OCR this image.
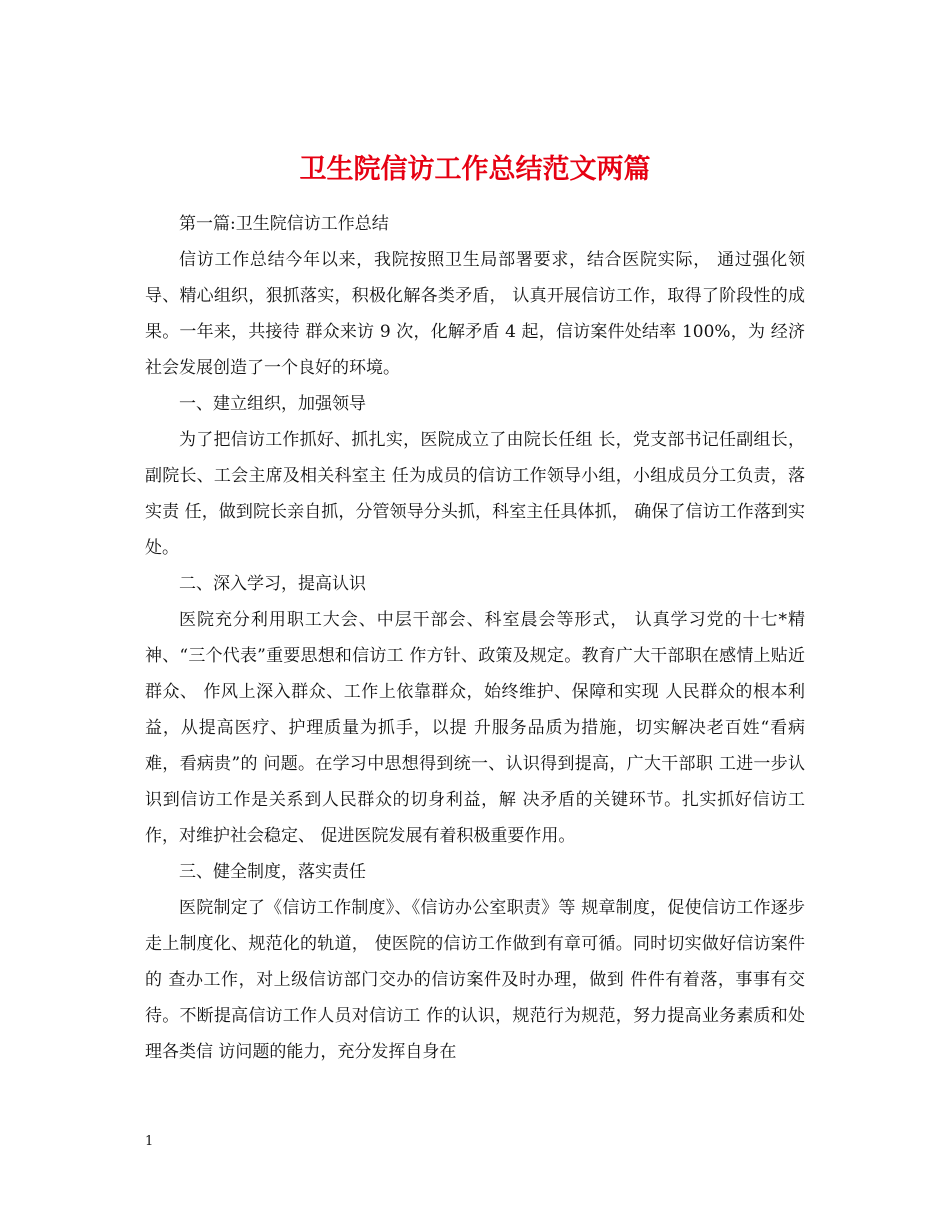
卫生院信访工作总结范文两篇

第一篇:卫生院信访工作总结

信访工作总结今年以来，我院按照卫生局部署要求，结合医院实际， 通过强化领导、精心组织，狠抓落实，积极化解各类矛盾， 认真开展信访工作，取得了阶段性的成果。一年来，共接待 群众来访 9 次，化解矛盾 4 起，信访案件处结率 100%，为 经济社会发展创造了一个良好的环境。

一、建立组织，加强领导

为了把信访工作抓好、抓扎实，医院成立了由院长任组 长，党支部书记任副组长，副院长、工会主席及相关科室主 任为成员的信访工作领导小组，小组成员分工负责，落实责 任，做到院长亲自抓，分管领导分头抓，科室主任具体抓， 确保了信访工作落到实处。

二、深入学习，提高认识

医院充分利用职工大会、中层干部会、科室晨会等形式， 认真学习党的十七*精神、“三个代表”重要思想和信访工 作方针、政策及规定。教育广大干部职在感情上贴近群众、 作风上深入群众、工作上依靠群众，始终维护、保障和实现 人民群众的根本利益，从提高医疗、护理质量为抓手，以提 升服务品质为措施，切实解决老百姓“看病难，看病贵”的 问题。在学习中思想得到统一、认识得到提高，广大干部职 工进一步认识到信访工作是关系到人民群众的切身利益，解 决矛盾的关键环节。扎实抓好信访工作，对维护社会稳定、 促进医院发展有着积极重要作用。

三、健全制度，落实责任

医院制定了《信访工作制度》、《信访办公室职责》等 规章制度，促使信访工作逐步走上制度化、规范化的轨道， 使医院的信访工作做到有章可循。同时切实做好信访案件的 查办工作，对上级信访部门交办的信访案件及时办理，做到 件件有着落，事事有交待。不断提高信访工作人员对信访工 作的认识，规范行为规范，努力提高业务素质和处理各类信 访问题的能力，充分发挥自身在

1
